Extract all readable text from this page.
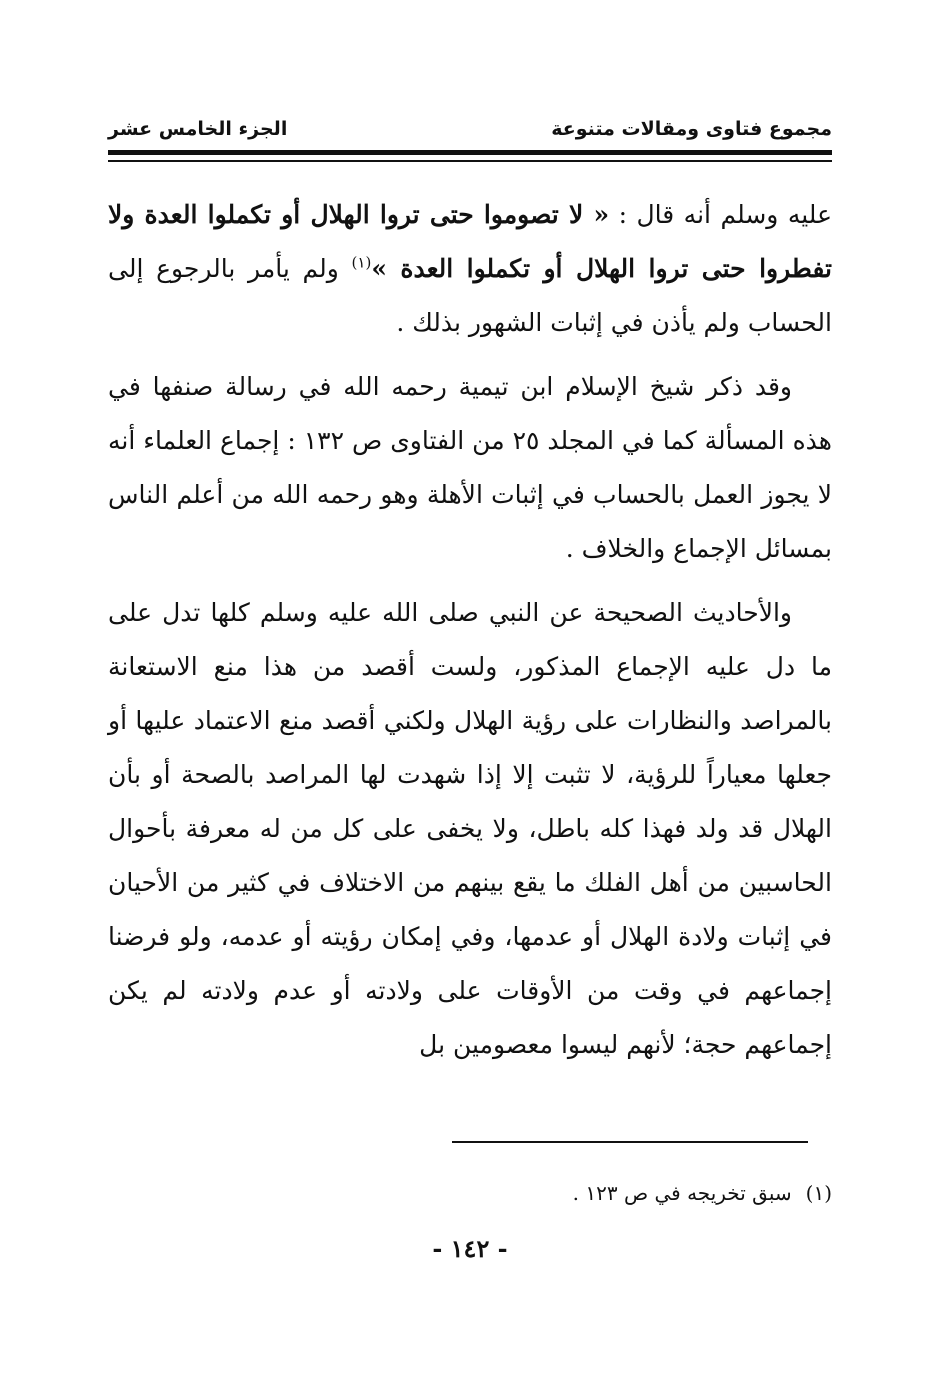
مجموع فتاوى ومقالات متنوعة
الجزء الخامس عشر

عليه وسلم أنه قال : « لا تصوموا حتى تروا الهلال أو تكملوا العدة ولا تفطروا حتى تروا الهلال أو تكملوا العدة »$^{(١)}$ ولم يأمر بالرجوع إلى الحساب ولم يأذن في إثبات الشهور بذلك .

وقد ذكر شيخ الإسلام ابن تيمية رحمه الله في رسالة صنفها في هذه المسألة كما في المجلد ٢٥ من الفتاوى ص ١٣٢ : إجماع العلماء أنه لا يجوز العمل بالحساب في إثبات الأهلة وهو رحمه الله من أعلم الناس بمسائل الإجماع والخلاف .

والأحاديث الصحيحة عن النبي صلى الله عليه وسلم كلها تدل على ما دل عليه الإجماع المذكور، ولست أقصد من هذا منع الاستعانة بالمراصد والنظارات على رؤية الهلال ولكني أقصد منع الاعتماد عليها أو جعلها معياراً للرؤية، لا تثبت إلا إذا شهدت لها المراصد بالصحة أو بأن الهلال قد ولد فهذا كله باطل، ولا يخفى على كل من له معرفة بأحوال الحاسبين من أهل الفلك ما يقع بينهم من الاختلاف في كثير من الأحيان في إثبات ولادة الهلال أو عدمها، وفي إمكان رؤيته أو عدمه، ولو فرضنا إجماعهم في وقت من الأوقات على ولادته أو عدم ولادته لم يكن إجماعهم حجة؛ لأنهم ليسوا معصومين بل

(١)سبق تخريجه في ص ١٢٣ .
- ١٤٢ -
